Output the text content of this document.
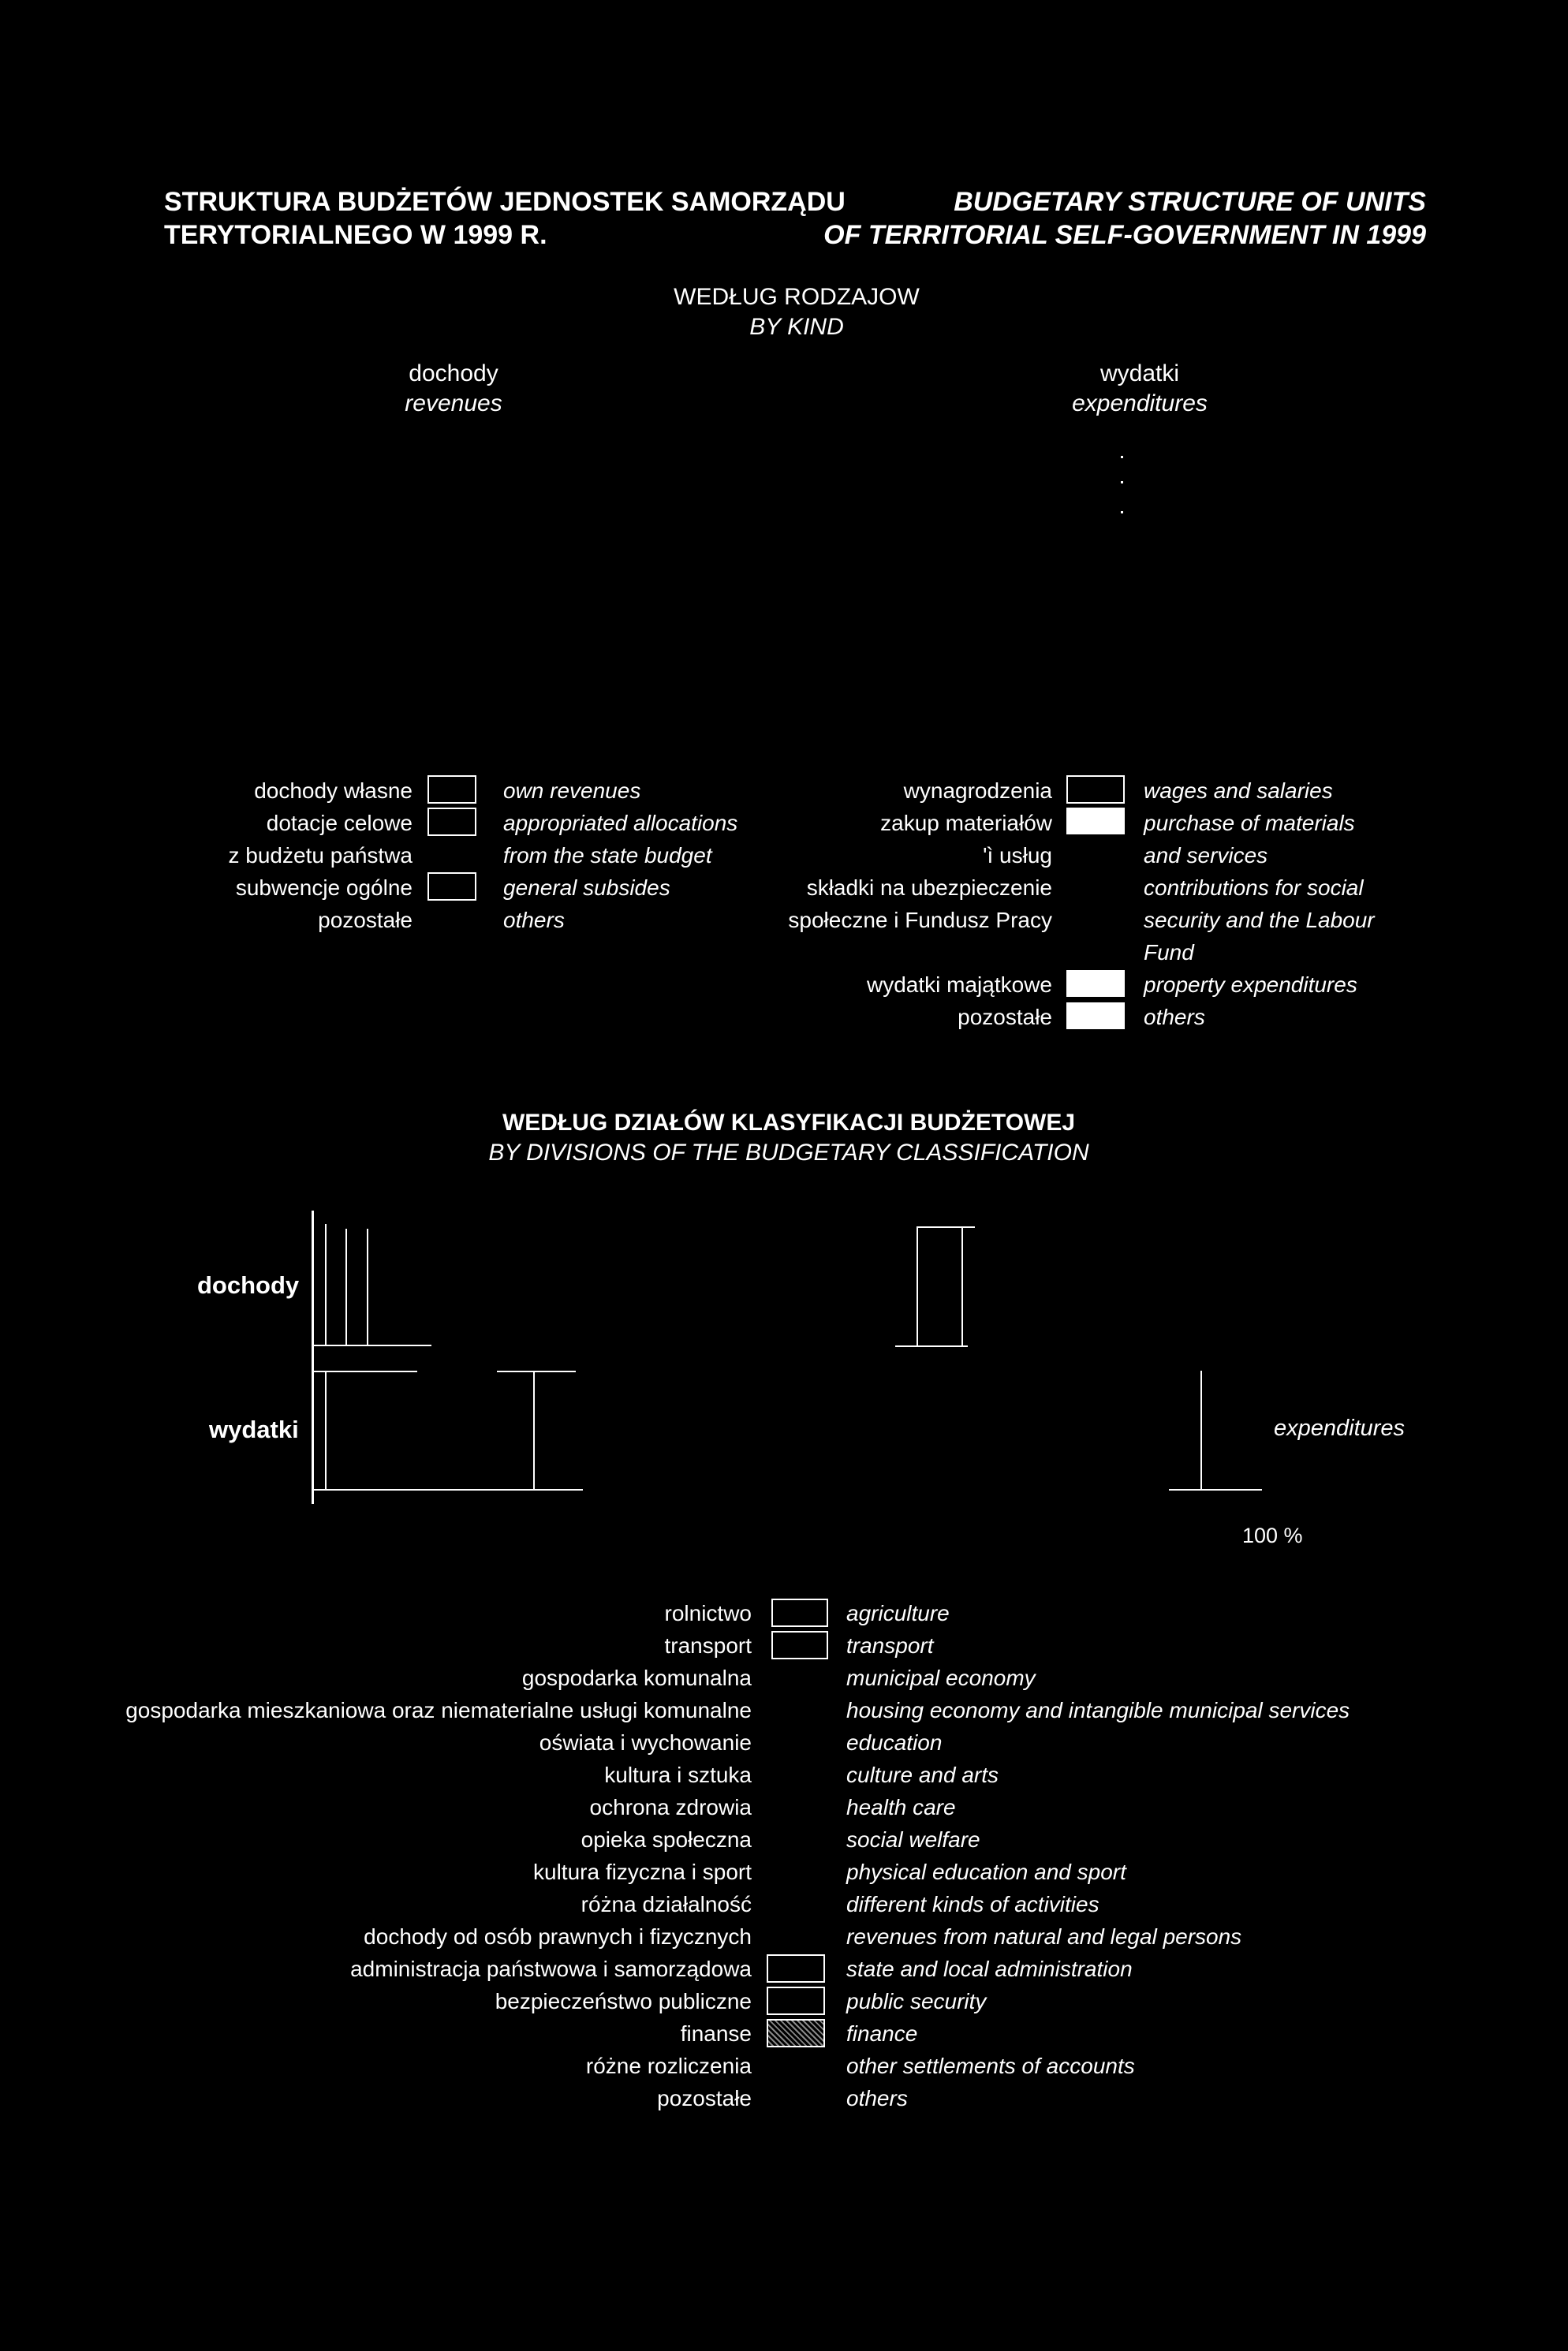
STRUKTURA BUDŻETÓW JEDNOSTEK SAMORZĄDU
TERYTORIALNEGO W 1999 R.
BUDGETARY STRUCTURE OF UNITS
OF TERRITORIAL SELF-GOVERNMENT IN 1999
WEDŁUG RODZAJOW
BY KIND
dochody
revenues
wydatki
expenditures
dochody własne
dotacje celowe
z budżetu państwa
subwencje ogólne
pozostałe
own revenues
appropriated allocations
from the state budget
general subsides
others
wynagrodzenia
zakup materiałów
'ì usług
składki na ubezpieczenie
społeczne i Fundusz Pracy

wydatki majątkowe
pozostałe
wages and salaries
purchase of materials
and services
contributions for social
security and the Labour
Fund
property expenditures
others
WEDŁUG DZIAŁÓW KLASYFIKACJI BUDŻETOWEJ
BY DIVISIONS OF THE BUDGETARY CLASSIFICATION
dochody
wydatki	expenditures
100 %
rolnictwo
transport
gospodarka komunalna
gospodarka mieszkaniowa oraz niematerialne usługi komunalne
oświata i wychowanie
kultura i sztuka
ochrona zdrowia
opieka społeczna
kultura fizyczna i sport
różna działalność
dochody od osób prawnych i fizycznych
administracja państwowa i samorządowa
bezpieczeństwo publiczne
finanse
różne rozliczenia
pozostałe
agriculture
transport
municipal economy
housing economy and intangible municipal services
education
culture and arts
health care
social welfare
physical education and sport
different kinds of activities
revenues from natural and legal persons
state and local administration
public security
finance
other settlements of accounts
others
